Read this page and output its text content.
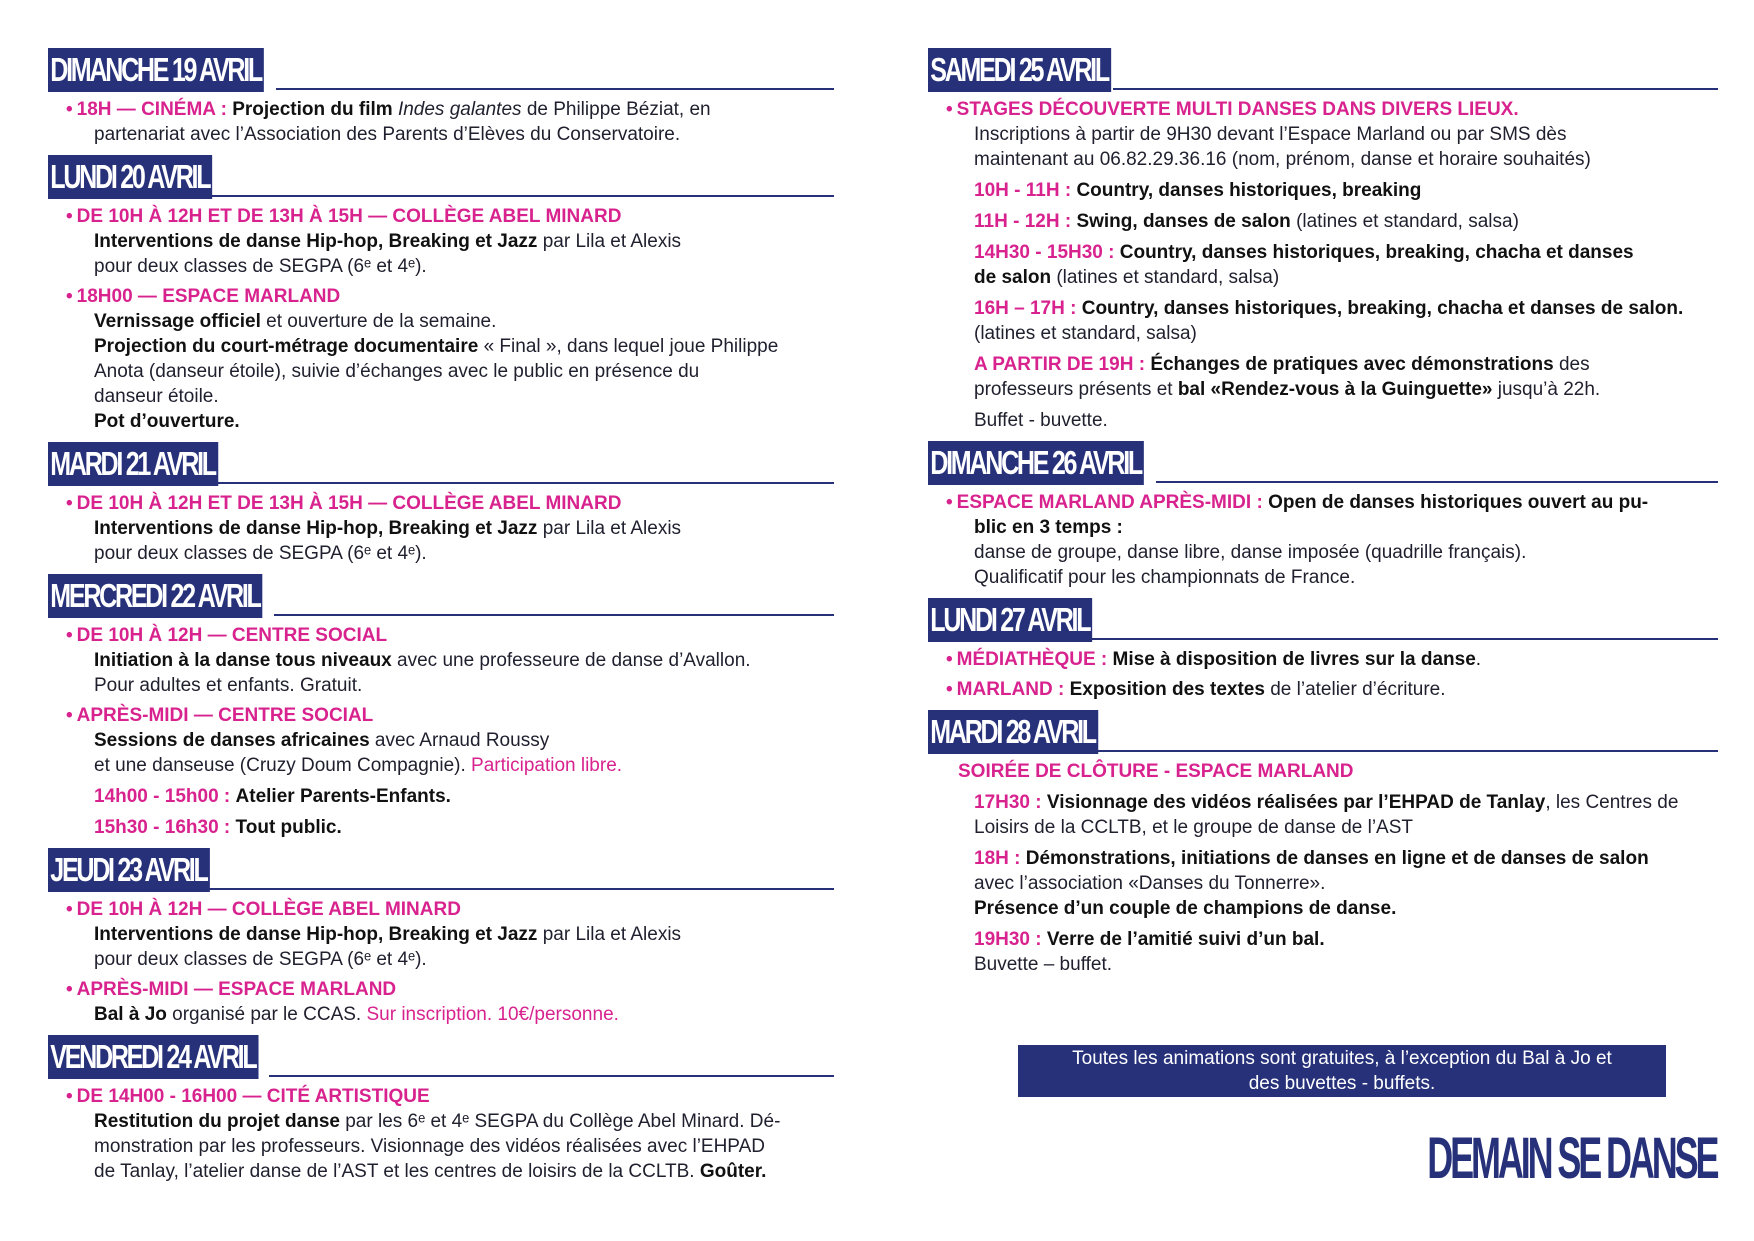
DIMANCHE 19 AVRIL
• 18H — CINÉMA : Projection du film Indes galantes de Philippe Béziat, en
partenariat avec l’Association des Parents d’Elèves du Conservatoire.
LUNDI 20 AVRIL
• DE 10H À 12H ET DE 13H À 15H — COLLÈGE ABEL MINARD
Interventions de danse Hip-hop, Breaking et Jazz par Lila et Alexis
pour deux classes de SEGPA (6ᵉ et 4ᵉ).
• 18H00 — ESPACE MARLAND
Vernissage officiel et ouverture de la semaine.
Projection du court-métrage documentaire « Final », dans lequel joue Philippe
Anota (danseur étoile), suivie d’échanges avec le public en présence du
danseur étoile.
Pot d’ouverture.
MARDI 21 AVRIL
• DE 10H À 12H ET DE 13H À 15H — COLLÈGE ABEL MINARD
Interventions de danse Hip-hop, Breaking et Jazz par Lila et Alexis
pour deux classes de SEGPA (6ᵉ et 4ᵉ).
MERCREDI 22 AVRIL
• DE 10H À 12H — CENTRE SOCIAL
Initiation à la danse tous niveaux avec une professeure de danse d’Avallon.
Pour adultes et enfants. Gratuit.
• APRÈS-MIDI — CENTRE SOCIAL
Sessions de danses africaines avec Arnaud Roussy
et une danseuse (Cruzy Doum Compagnie). Participation libre.
14h00 - 15h00 : Atelier Parents-Enfants.
15h30 - 16h30 : Tout public.
JEUDI 23 AVRIL
• DE 10H À 12H — COLLÈGE ABEL MINARD
Interventions de danse Hip-hop, Breaking et Jazz par Lila et Alexis
pour deux classes de SEGPA (6ᵉ et 4ᵉ).
• APRÈS-MIDI — ESPACE MARLAND
Bal à Jo organisé par le CCAS. Sur inscription. 10€/personne.
VENDREDI 24 AVRIL
• DE 14H00 - 16H00 — CITÉ ARTISTIQUE
Restitution du projet danse par les 6ᵉ et 4ᵉ SEGPA du Collège Abel Minard. Dé-
monstration par les professeurs. Visionnage des vidéos réalisées avec l’EHPAD
de Tanlay, l’atelier danse de l’AST et les centres de loisirs de la CCLTB. Goûter.
SAMEDI 25 AVRIL
• STAGES DÉCOUVERTE MULTI DANSES DANS DIVERS LIEUX.
Inscriptions à partir de 9H30 devant l’Espace Marland ou par SMS dès
maintenant au 06.82.29.36.16 (nom, prénom, danse et horaire souhaités)
10H - 11H : Country, danses historiques, breaking
11H - 12H : Swing, danses de salon (latines et standard, salsa)
14H30 - 15H30 : Country, danses historiques, breaking, chacha et danses
de salon (latines et standard, salsa)
16H – 17H : Country, danses historiques, breaking, chacha et danses de salon.
(latines et standard, salsa)
A PARTIR DE 19H : Échanges de pratiques avec démonstrations des
professeurs présents et bal «Rendez-vous à la Guinguette» jusqu’à 22h.
Buffet - buvette.
DIMANCHE 26 AVRIL
• ESPACE MARLAND APRÈS-MIDI : Open de danses historiques ouvert au pu-
blic en 3 temps :
danse de groupe, danse libre, danse imposée (quadrille français).
Qualificatif pour les championnats de France.
LUNDI 27 AVRIL
• MÉDIATHÈQUE : Mise à disposition de livres sur la danse.
• MARLAND : Exposition des textes de l’atelier d’écriture.
MARDI 28 AVRIL
SOIRÉE DE CLÔTURE - ESPACE MARLAND
17H30 : Visionnage des vidéos réalisées par l’EHPAD de Tanlay, les Centres de
Loisirs de la CCLTB, et le groupe de danse de l’AST
18H : Démonstrations, initiations de danses en ligne et de danses de salon
avec l’association «Danses du Tonnerre».
Présence d’un couple de champions de danse.
19H30 : Verre de l’amitié suivi d’un bal.
Buvette – buffet.
Toutes les animations sont gratuites, à l’exception du Bal à Jo et
des buvettes - buffets.
DEMAIN SE DANSE
